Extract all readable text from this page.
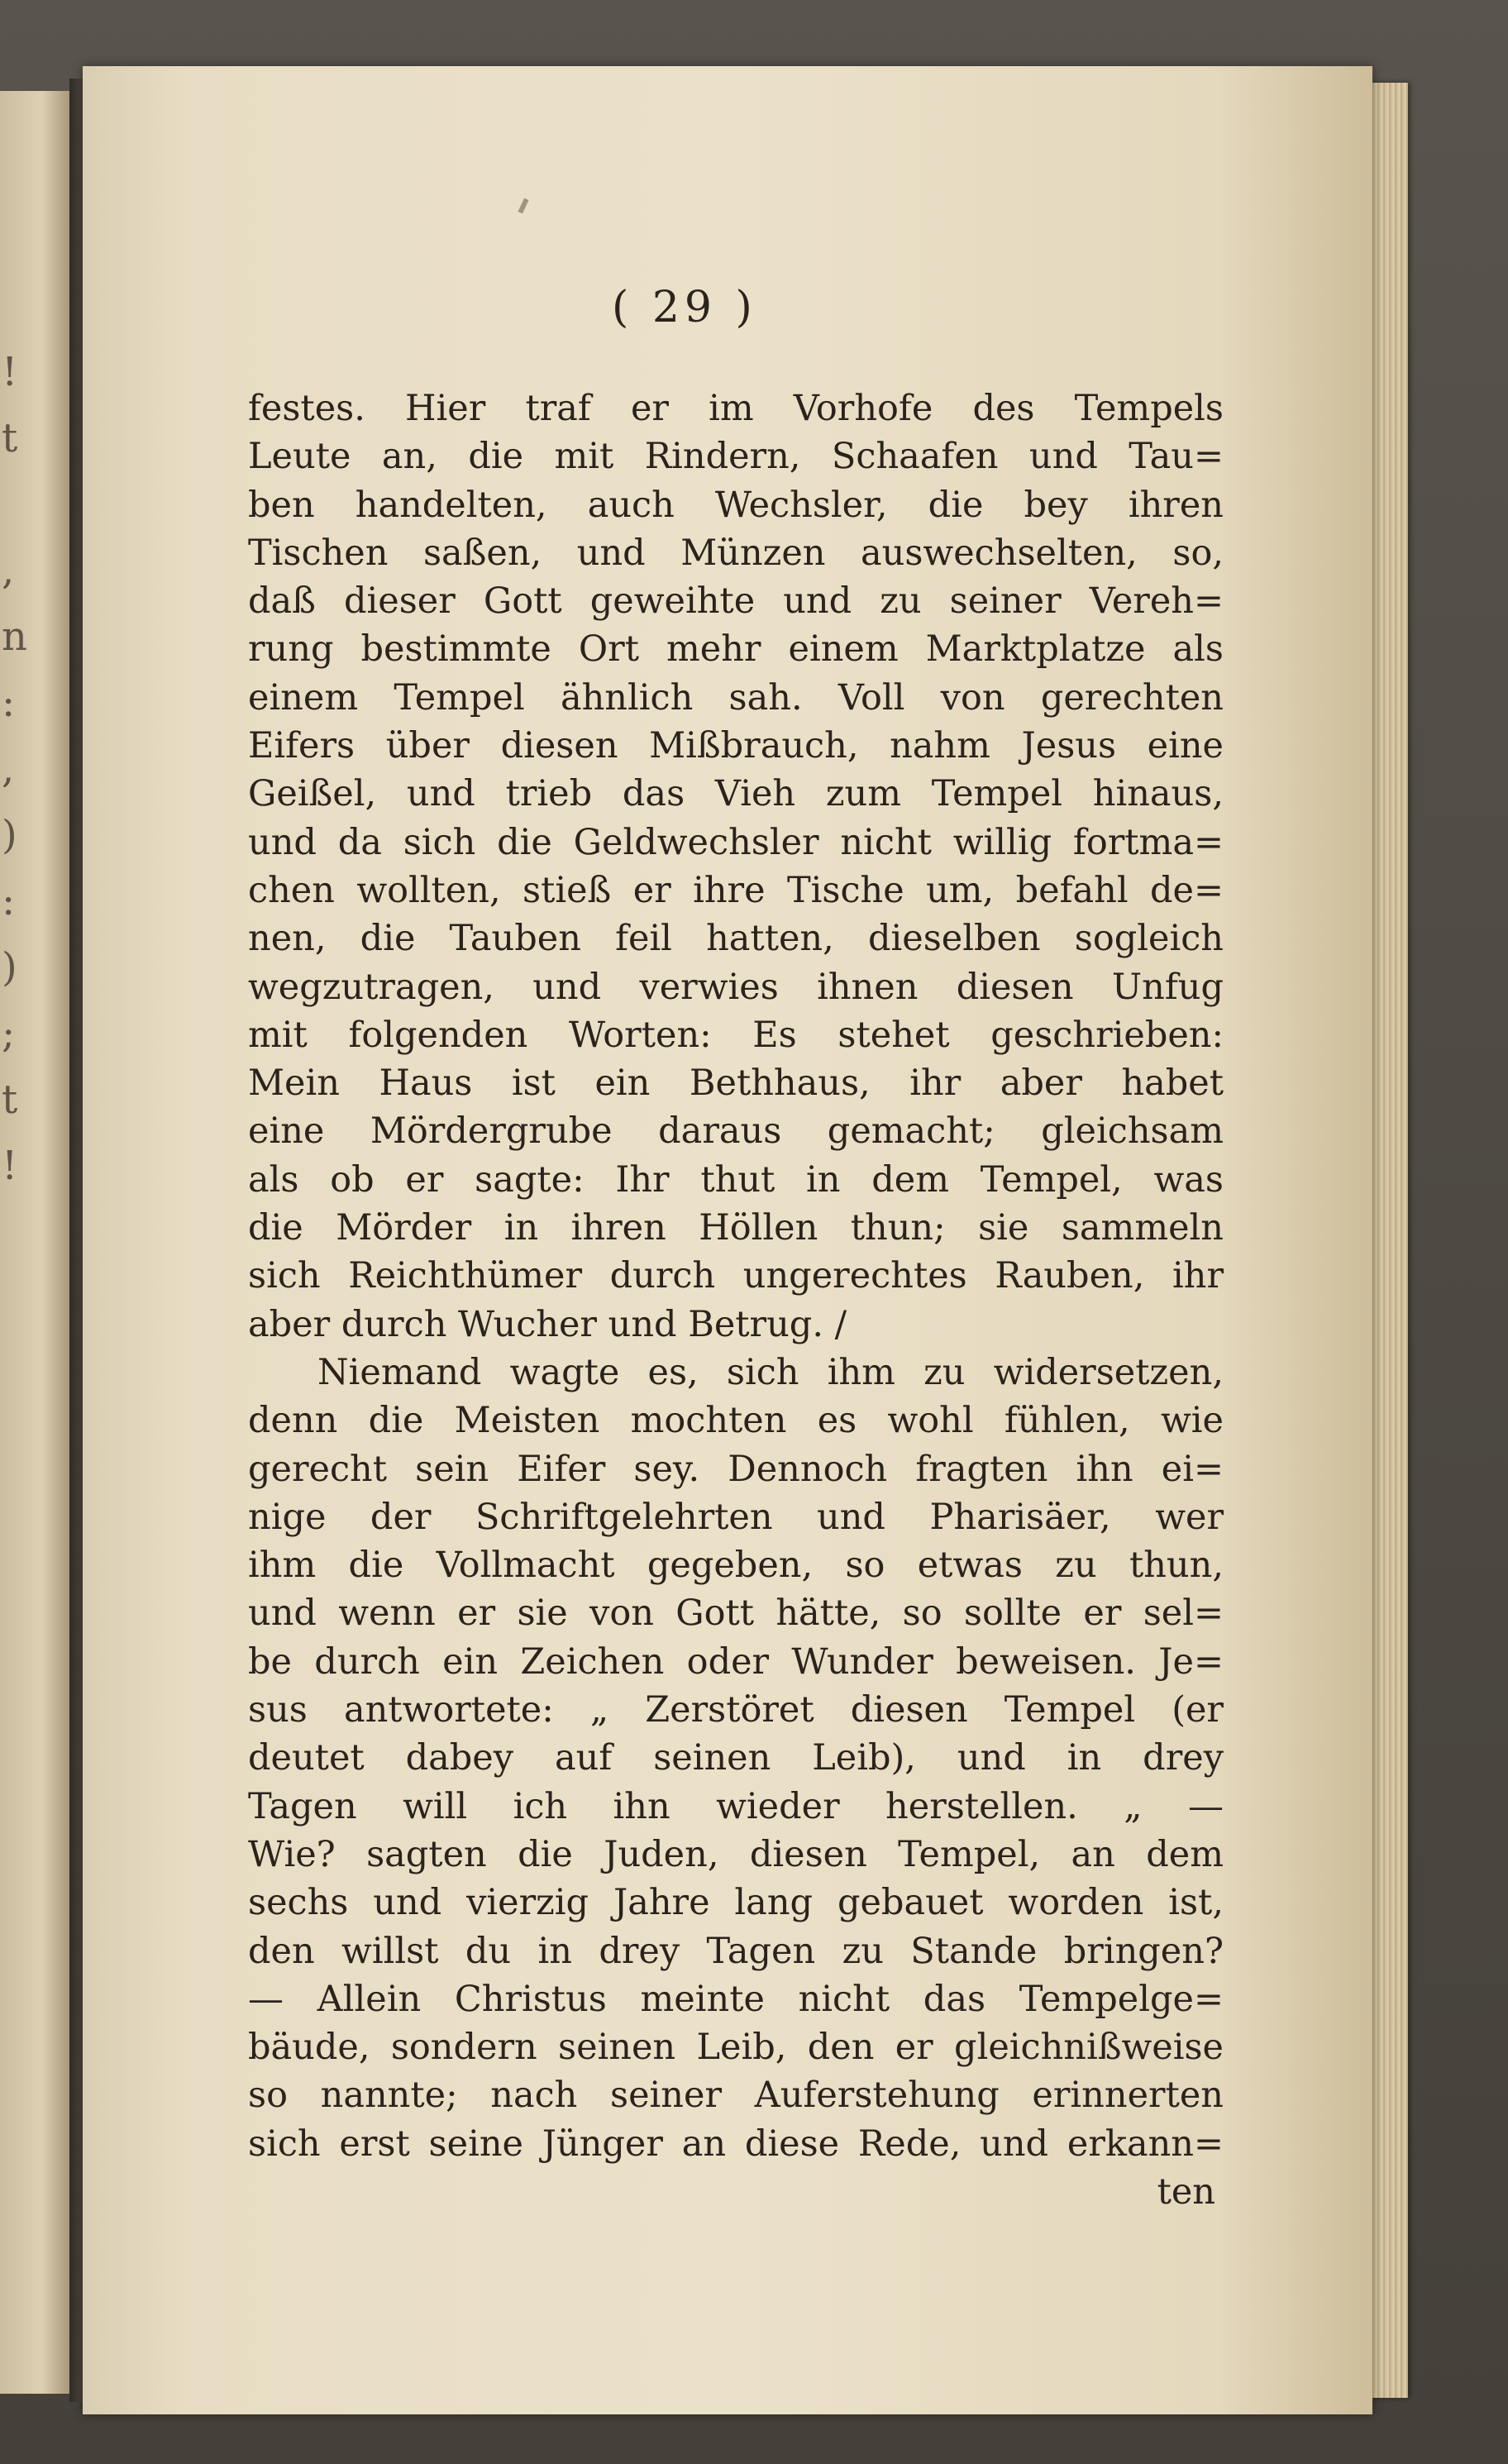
!
t

,
n
:
,
)
:
)
;
t
!
( 29 )
festes. Hier traf er im Vorhofe des Tempels
Leute an, die mit Rindern, Schaafen und Tau=
ben handelten, auch Wechsler, die bey ihren
Tischen saßen, und Münzen auswechselten, so,
daß dieser Gott geweihte und zu seiner Vereh=
rung bestimmte Ort mehr einem Marktplatze als
einem Tempel ähnlich sah. Voll von gerechten
Eifers über diesen Mißbrauch, nahm Jesus eine
Geißel, und trieb das Vieh zum Tempel hinaus,
und da sich die Geldwechsler nicht willig fortma=
chen wollten, stieß er ihre Tische um, befahl de=
nen, die Tauben feil hatten, dieselben sogleich
wegzutragen, und verwies ihnen diesen Unfug
mit folgenden Worten: Es stehet geschrieben:
Mein Haus ist ein Bethhaus, ihr aber habet
eine Mördergrube daraus gemacht; gleichsam
als ob er sagte: Ihr thut in dem Tempel, was
die Mörder in ihren Höllen thun; sie sammeln
sich Reichthümer durch ungerechtes Rauben, ihr
aber durch Wucher und Betrug. /
Niemand wagte es, sich ihm zu widersetzen,
denn die Meisten mochten es wohl fühlen, wie
gerecht sein Eifer sey. Dennoch fragten ihn ei=
nige der Schriftgelehrten und Pharisäer, wer
ihm die Vollmacht gegeben, so etwas zu thun,
und wenn er sie von Gott hätte, so sollte er sel=
be durch ein Zeichen oder Wunder beweisen. Je=
sus antwortete: „ Zerstöret diesen Tempel (er
deutet dabey auf seinen Leib), und in drey
Tagen will ich ihn wieder herstellen. „ —
Wie? sagten die Juden, diesen Tempel, an dem
sechs und vierzig Jahre lang gebauet worden ist,
den willst du in drey Tagen zu Stande bringen?
— Allein Christus meinte nicht das Tempelge=
bäude, sondern seinen Leib, den er gleichnißweise
so nannte; nach seiner Auferstehung erinnerten
sich erst seine Jünger an diese Rede, und erkann=
ten
